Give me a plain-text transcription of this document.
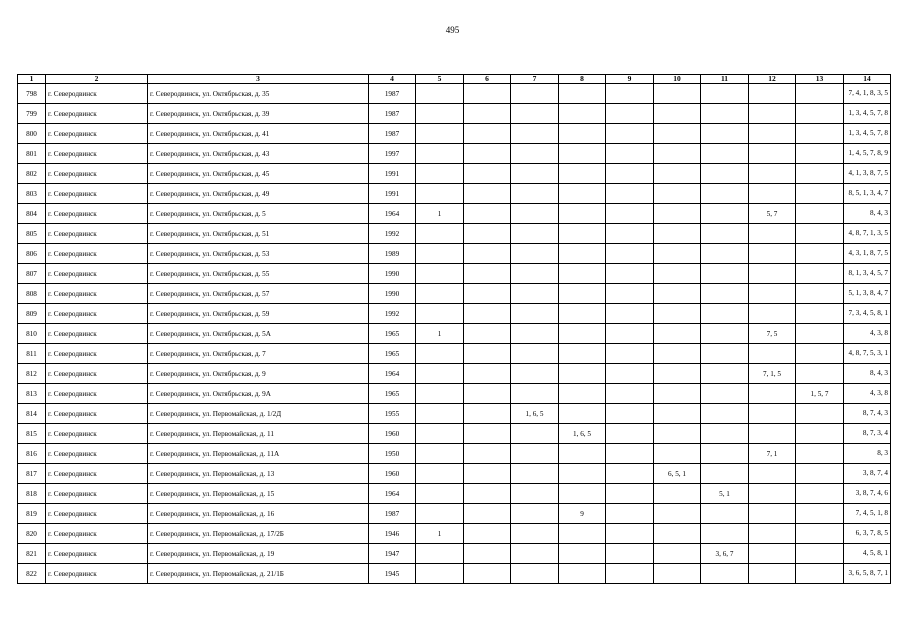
495
1	2	3	4	5	6	7	8	9	10	11	12	13	14
798	г. Северодвинск	г. Северодвинск, ул. Октябрьская, д. 35	1987										7, 4, 1, 8, 3, 5
799	г. Северодвинск	г. Северодвинск, ул. Октябрьская, д. 39	1987										1, 3, 4, 5, 7, 8
800	г. Северодвинск	г. Северодвинск, ул. Октябрьская, д. 41	1987										1, 3, 4, 5, 7, 8
801	г. Северодвинск	г. Северодвинск, ул. Октябрьская, д. 43	1997										1, 4, 5, 7, 8, 9
802	г. Северодвинск	г. Северодвинск, ул. Октябрьская, д. 45	1991										4, 1, 3, 8, 7, 5
803	г. Северодвинск	г. Северодвинск, ул. Октябрьская, д. 49	1991										8, 5, 1, 3, 4, 7
804	г. Северодвинск	г. Северодвинск, ул. Октябрьская, д. 5	1964	1							5, 7		8, 4, 3
805	г. Северодвинск	г. Северодвинск, ул. Октябрьская, д. 51	1992										4, 8, 7, 1, 3, 5
806	г. Северодвинск	г. Северодвинск, ул. Октябрьская, д. 53	1989										4, 3, 1, 8, 7, 5
807	г. Северодвинск	г. Северодвинск, ул. Октябрьская, д. 55	1990										8, 1, 3, 4, 5, 7
808	г. Северодвинск	г. Северодвинск, ул. Октябрьская, д. 57	1990										5, 1, 3, 8, 4, 7
809	г. Северодвинск	г. Северодвинск, ул. Октябрьская, д. 59	1992										7, 3, 4, 5, 8, 1
810	г. Северодвинск	г. Северодвинск, ул. Октябрьская, д. 5А	1965	1							7, 5		4, 3, 8
811	г. Северодвинск	г. Северодвинск, ул. Октябрьская, д. 7	1965										4, 8, 7, 5, 3, 1
812	г. Северодвинск	г. Северодвинск, ул. Октябрьская, д. 9	1964								7, 1, 5		8, 4, 3
813	г. Северодвинск	г. Северодвинск, ул. Октябрьская, д. 9А	1965									1, 5, 7	4, 3, 8
814	г. Северодвинск	г. Северодвинск, ул. Первомайская, д. 1/2Д	1955			1, 6, 5							8, 7, 4, 3
815	г. Северодвинск	г. Северодвинск, ул. Первомайская, д. 11	1960				1, 6, 5						8, 7, 3, 4
816	г. Северодвинск	г. Северодвинск, ул. Первомайская, д. 11А	1950								7, 1		8, 3
817	г. Северодвинск	г. Северодвинск, ул. Первомайская, д. 13	1960						6, 5, 1				3, 8, 7, 4
818	г. Северодвинск	г. Северодвинск, ул. Первомайская, д. 15	1964							5, 1			3, 8, 7, 4, 6
819	г. Северодвинск	г. Северодвинск, ул. Первомайская, д. 16	1987				9						7, 4, 5, 1, 8
820	г. Северодвинск	г. Северодвинск, ул. Первомайская, д. 17/2Б	1946	1									6, 3, 7, 8, 5
821	г. Северодвинск	г. Северодвинск, ул. Первомайская, д. 19	1947							3, 6, 7			4, 5, 8, 1
822	г. Северодвинск	г. Северодвинск, ул. Первомайская, д. 21/1Б	1945										3, 6, 5, 8, 7, 1
